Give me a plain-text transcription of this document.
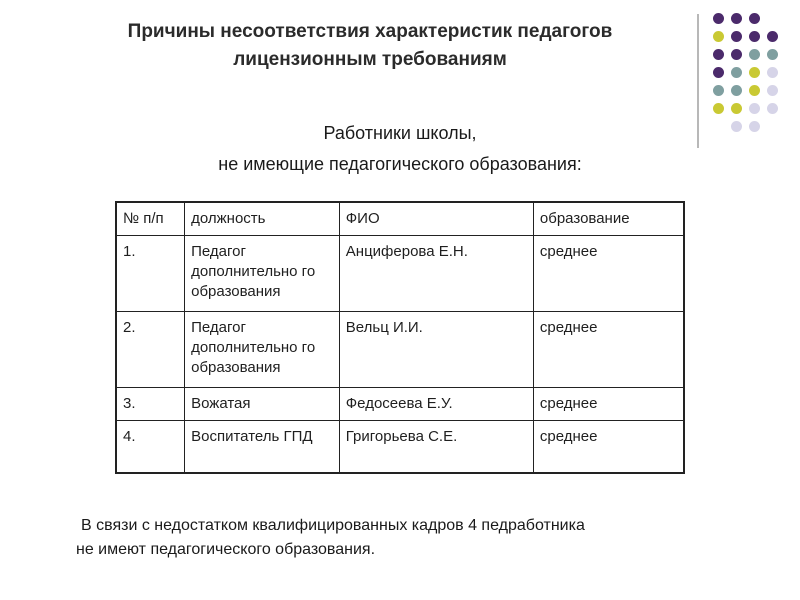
Причины несоответствия характеристик педагогов
лицензионным требованиям
Работники школы,
не имеющие педагогического образования:
№ п/п	должность	ФИО	образование
1.	Педагог дополнительно го образования	Анциферова Е.Н.	среднее
2.	Педагог дополнительно го образования	Вельц И.И.	среднее
3.	Вожатая	Федосеева Е.У.	среднее
4.	Воспитатель ГПД	Григорьева С.Е.	среднее
В связи с недостатком квалифицированных кадров 4 педработника
не имеют педагогического образования.
